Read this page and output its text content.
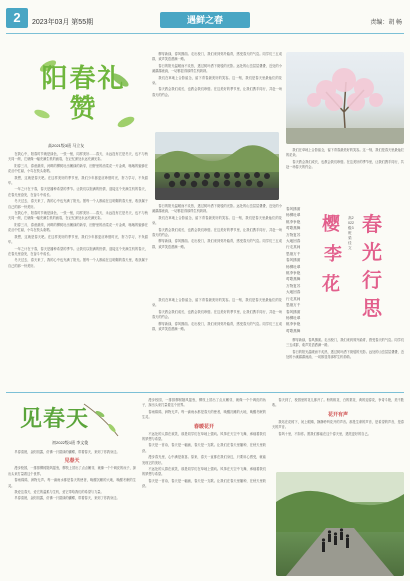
2	2023年03月 第55期	遇鲜之春	责编：胡 畅
阳春礼赞
高2021级3班 马立友

在我心中，阳春时节就是绿色，一张一弛，同样美好……春天，永远没有它是冬天，也不与秋天同一颜，它就像一幅充满生机的画卷，在记忆深处永远充满光彩。

阳春三月，春意最浓，河畔的柳树吐出嫩绿的新芽，田野里的油菜花一片金黄，嗡嗡的蜜蜂在花丛中忙碌，小鸟在枝头欢唱。

我想，这就是春天吧。在这样美好的季节里，我们少年郎更应珍惜时光，努力学习，不负韶华。

一年之计在于春，春天是播种希望的季节。让我们以饱满的热情，迎接这个充满生机的春天，在春光里奋发，在奋斗中成长。

冬天过去，春天来了，我的心中也充满了阳光。愿每一个人都能在这明媚的春天里，收获属于自己的那一份美好。

在我心中，阳春时节就是绿色，一张一弛，同样美好……春天，永远没有它是冬天，也不与秋天同一颜，它就像一幅充满生机的画卷，在记忆深处永远充满光彩。

阳春三月，春意最浓，河畔的柳树吐出嫩绿的新芽，田野里的油菜花一片金黄，嗡嗡的蜜蜂在花丛中忙碌，小鸟在枝头欢唱。

我想，这就是春天吧。在这样美好的季节里，我们少年郎更应珍惜时光，努力学习，不负韶华。

一年之计在于春，春天是播种希望的季节。让我们以饱满的热情，迎接这个充满生机的春天，在春光里奋发，在奋斗中成长。

冬天过去，春天来了，我的心中也充满了阳光。愿每一个人都能在这明媚的春天里，收获属于自己的那一份美好。

柳芽新绿，春风拂面。走出校门，我们来到郊外踏青，感受春天的气息。同学们三五成群，欢声笑语洒满一路。

春日的阳光温暖而不炙热，透过树叶洒下斑驳的光影。远处的山峦层层叠叠，近处的小溪潺潺流淌，一切都显得那样生机勃勃。

我们在草地上合影留念，留下青春最美好的笑容。这一刻，我们是春天里最灿烂的花朵。

春天教会我们成长，也教会我们珍惜。在这美好的季节里，让我们携手同行，共赴一场春天的约会。

春日的阳光温暖而不炙热，透过树叶洒下斑驳的光影。远处的山峦层层叠叠，近处的小溪潺潺流淌，一切都显得那样生机勃勃。

我们在草地上合影留念，留下青春最美好的笑容。这一刻，我们是春天里最灿烂的花朵。

春天教会我们成长，也教会我们珍惜。在这美好的季节里，让我们携手同行，共赴一场春天的约会。

柳芽新绿，春风拂面。走出校门，我们来到郊外踏青，感受春天的气息。同学们三五成群，欢声笑语洒满一路。

我们在草地上合影留念，留下青春最美好的笑容。这一刻，我们是春天里最灿烂的花朵。

春天教会我们成长，也教会我们珍惜。在这美好的季节里，让我们携手同行，共赴一场春天的约会。

春风拂面
杨柳吐翠
桃李争艳
莺歌燕舞
万物复苏
大地回春
行走其间
思绪万千
春风拂面
杨柳吐翠
桃李争艳
莺歌燕舞
万物复苏
大地回春
行走其间
思绪万千
春风拂面
杨柳吐翠
桃李争艳
莺歌燕舞
樱
李
花
高2022级3班 梁佳文
春
光
行
思

柳芽新绿，春风拂面。走出校门，我们来到郊外踏青，感受春天的气息。同学们三五成群，欢声笑语洒满一路。

春日的阳光温暖而不炙热，透过树叶洒下斑驳的光影。远处的山峦层层叠叠，近处的小溪潺潺流淌，一切都显得那样生机勃勃。

我们在草地上合影留念，留下青春最美好的笑容。这一刻，我们是春天里最灿烂的花朵。

春天教会我们成长，也教会我们珍惜。在这美好的季节里，让我们携手同行，共赴一场春天的约会。

柳芽新绿，春风拂面。走出校门，我们来到郊外踏青，感受春天的气息。同学们三五成群，欢声笑语洒满一路。

见春天
初2022级1班 李文俊

早春清晨，金阳初露，仿佛一只碧绿的蝴蝶，带着春天，来到了你我身边。

见春天

漫步校园，一排排柳树随风摇曳，柳枝上冒出了点点嫩芽，就像一个个调皮的孩子，探出头来打量着这个世界。

春雨绵绵，润物无声。每一滴雨水都是春天的使者，唤醒沉睡的大地，唤醒冬眠的生灵。

我爱这春天，爱它的温柔与生机，爱它带给我们的希望与力量。

早春清晨，金阳初露，仿佛一只碧绿的蝴蝶，带着春天，来到了你我身边。

漫步校园，一排排柳树随风摇曳，柳枝上冒出了点点嫩芽，就像一个个调皮的孩子，探出头来打量着这个世界。

春雨绵绵，润物无声。每一滴雨水都是春天的使者，唤醒沉睡的大地，唤醒冬眠的生灵。

春暖花开

不远处的人群在欢笑，那是同学们在草地上嬉戏。风筝在天空中飞舞，承载着我们的梦想与希望。

春天是一首诗，春天是一幅画，春天是一支歌。让我们在春天里播种，在秋天里收获。

漫步春光里，心中满是欢喜。原来，春天一直都在我们身边，只要用心感受，就能发现它的美好。

不远处的人群在欢笑，那是同学们在草地上嬉戏。风筝在天空中飞舞，承载着我们的梦想与希望。

春天是一首诗，春天是一幅画，春天是一支歌。让我们在春天里播种，在秋天里收获。

春天到了，校园里的花儿都开了。粉的桃花、白的梨花、黄的迎春花，争奇斗艳，美不胜收。

花开有声

我站在花树下，闭上眼睛，静静聆听花开的声音。那是生命的声音，是希望的声音，是春天的声音。

春风十里，不如你。愿我们都能在这个春天里，遇见更好的自己。
